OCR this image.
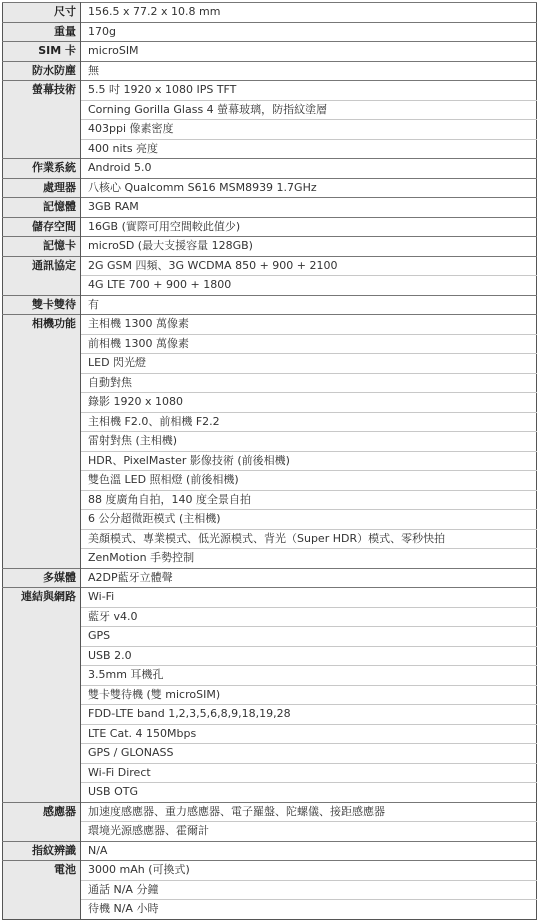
尺寸	156.5 x 77.2 x 10.8 mm
重量	170g
SIM 卡	microSIM
防水防塵	無
螢幕技術	5.5 吋 1920 x 1080 IPS TFT
	Corning Gorilla Glass 4 螢幕玻璃，防指紋塗層
	403ppi 像素密度
	400 nits 亮度
作業系統	Android 5.0
處理器	八核心 Qualcomm S616 MSM8939 1.7GHz
記憶體	3GB RAM
儲存空間	16GB (實際可用空間較此值少)
記憶卡	microSD (最大支援容量 128GB)
通訊協定	2G GSM 四頻、3G WCDMA 850 + 900 + 2100
	4G LTE 700 + 900 + 1800
雙卡雙待	有
相機功能	主相機 1300 萬像素
	前相機 1300 萬像素
	LED 閃光燈
	自動對焦
	錄影 1920 x 1080
	主相機 F2.0、前相機 F2.2
	雷射對焦 (主相機)
	HDR、PixelMaster 影像技術 (前後相機)
	雙色溫 LED 照相燈 (前後相機)
	88 度廣角自拍，140 度全景自拍
	6 公分超微距模式 (主相機)
	美顏模式、專業模式、低光源模式、背光（Super HDR）模式、零秒快拍
	ZenMotion 手勢控制
多媒體	A2DP藍牙立體聲
連結與網路	Wi-Fi
	藍牙 v4.0
	GPS
	USB 2.0
	3.5mm 耳機孔
	雙卡雙待機 (雙 microSIM)
	FDD-LTE band 1,2,3,5,6,8,9,18,19,28
	LTE Cat. 4 150Mbps
	GPS / GLONASS
	Wi-Fi Direct
	USB OTG
感應器	加速度感應器、重力感應器、電子羅盤、陀螺儀、接距感應器
	環境光源感應器、霍爾計
指紋辨識	N/A
電池	3000 mAh (可換式)
	通話 N/A 分鐘
	待機 N/A 小時
